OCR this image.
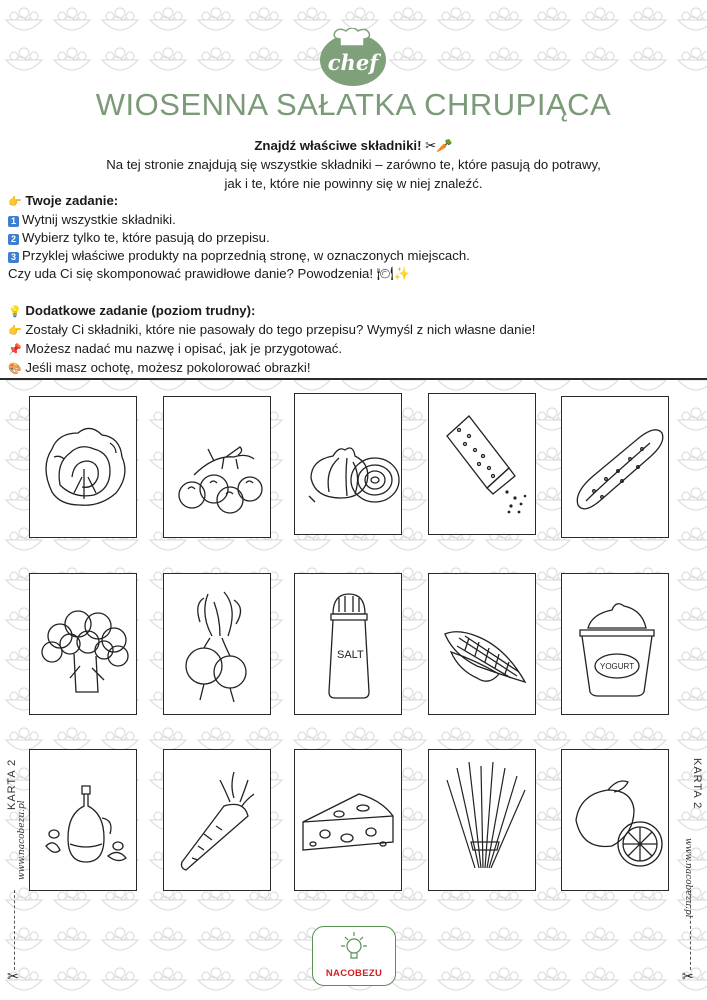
chef
WIOSENNA SAŁATKA CHRUPIĄCA
Znajdź właściwe składniki! ✂🥕
Na tej stronie znajdują się wszystkie składniki – zarówno te, które pasują do potrawy,
jak i te, które nie powinny się w niej znaleźć.

👉 Twoje zadanie:

1 Wytnij wszystkie składniki.

2 Wybierz tylko te, które pasują do przepisu.

3 Przyklej właściwe produkty na poprzednią stronę, w oznaczonych miejscach.

Czy uda Ci się skomponować prawidłowe danie? Powodzenia! 🍽✨

💡 Dodatkowe zadanie (poziom trudny):

👉 Zostały Ci składniki, które nie pasowały do tego przepisu? Wymyśl z nich własne danie!

📌 Możesz nadać mu nazwę i opisać, jak je przygotować.

🎨 Jeśli masz ochotę, możesz pokolorować obrazki!

SALT
YOGURT
KARTA 2	KARTA 2
www.nacobezu.pl	www.nacobezu.pl
✂	✂
NACOBEZU
